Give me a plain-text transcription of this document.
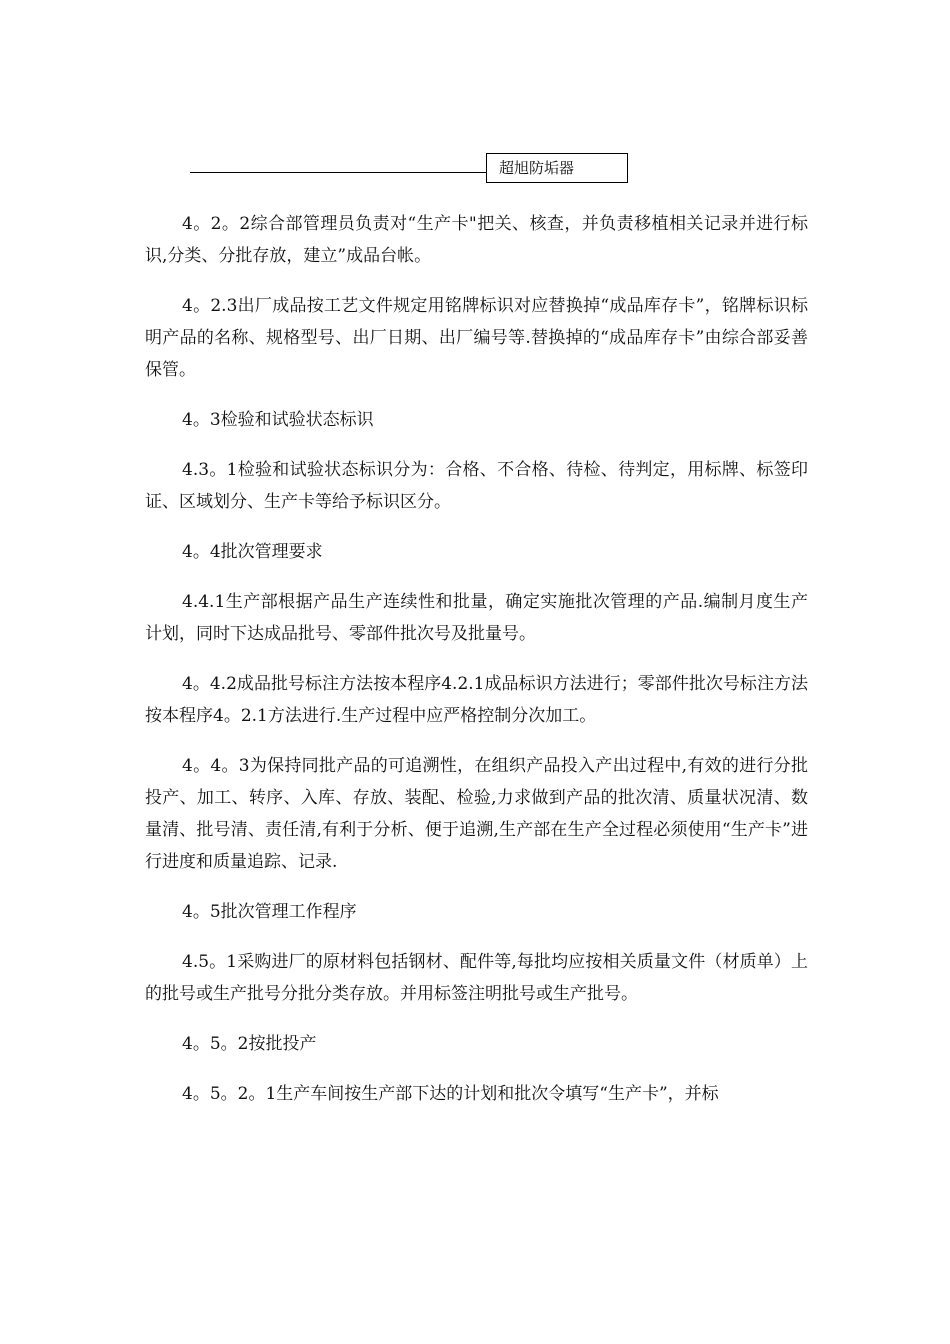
超旭防垢器

4。2。2综合部管理员负责对“生产卡"把关、核查，并负责移植相关记录并进行标识,分类、分批存放，建立”成品台帐。

4。2.3出厂成品按工艺文件规定用铭牌标识对应替换掉“成品库存卡”，铭牌标识标明产品的名称、规格型号、出厂日期、出厂编号等.替换掉的“成品库存卡”由综合部妥善保管。

4。3检验和试验状态标识

4.3。1检验和试验状态标识分为：合格、不合格、待检、待判定，用标牌、标签印证、区域划分、生产卡等给予标识区分。

4。4批次管理要求

4.4.1生产部根据产品生产连续性和批量，确定实施批次管理的产品.编制月度生产计划，同时下达成品批号、零部件批次号及批量号。

4。4.2成品批号标注方法按本程序4.2.1成品标识方法进行；零部件批次号标注方法按本程序4。2.1方法进行.生产过程中应严格控制分次加工。

4。4。3为保持同批产品的可追溯性，在组织产品投入产出过程中,有效的进行分批投产、加工、转序、入库、存放、装配、检验,力求做到产品的批次清、质量状况清、数量清、批号清、责任清,有利于分析、便于追溯,生产部在生产全过程必须使用“生产卡”进行进度和质量追踪、记录.

4。5批次管理工作程序

4.5。1采购进厂的原材料包括钢材、配件等,每批均应按相关质量文件（材质单）上的批号或生产批号分批分类存放。并用标签注明批号或生产批号。

4。5。2按批投产

4。5。2。1生产车间按生产部下达的计划和批次令填写“生产卡”，并标
